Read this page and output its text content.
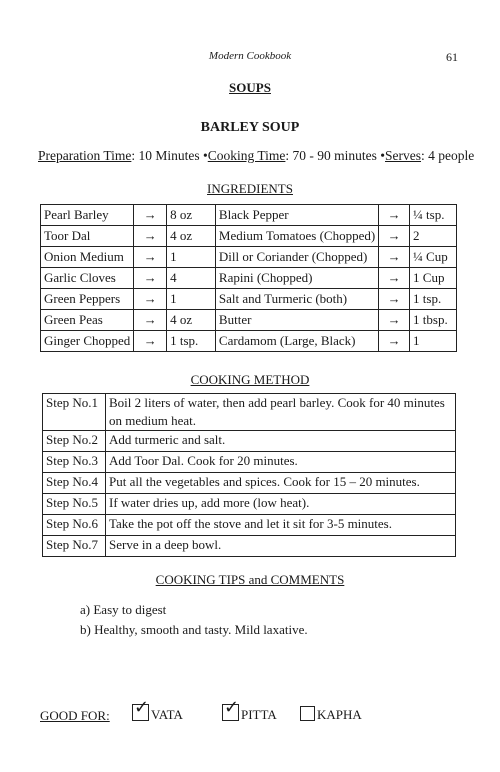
Modern Cookbook	61
SOUPS
BARLEY SOUP
Preparation Time: 10 Minutes •Cooking Time: 70 - 90 minutes •Serves: 4 people
INGREDIENTS
Pearl Barley	→	8 oz	Black Pepper	→	¼ tsp.
Toor Dal	→	4 oz	Medium Tomatoes (Chopped)	→	2
Onion Medium	→	1	Dill or Coriander (Chopped)	→	¼ Cup
Garlic Cloves	→	4	Rapini (Chopped)	→	1 Cup
Green Peppers	→	1	Salt and Turmeric (both)	→	1 tsp.
Green Peas	→	4 oz	Butter	→	1 tbsp.
Ginger Chopped	→	1 tsp.	Cardamom (Large, Black)	→	1
COOKING METHOD
Step No.1	Boil 2 liters of water, then add pearl barley. Cook for 40 minutes on medium heat.
Step No.2	Add turmeric and salt.
Step No.3	Add Toor Dal. Cook for 20 minutes.
Step No.4	Put all the vegetables and spices. Cook for 15 – 20 minutes.
Step No.5	If water dries up, add more (low heat).
Step No.6	Take the pot off the stove and let it sit for 3-5 minutes.
Step No.7	Serve in a deep bowl.
COOKING TIPS and COMMENTS
a) Easy to digest
b) Healthy, smooth and tasty. Mild laxative.
GOOD FOR: ✓ VATA ✓ PITTA	KAPHA
